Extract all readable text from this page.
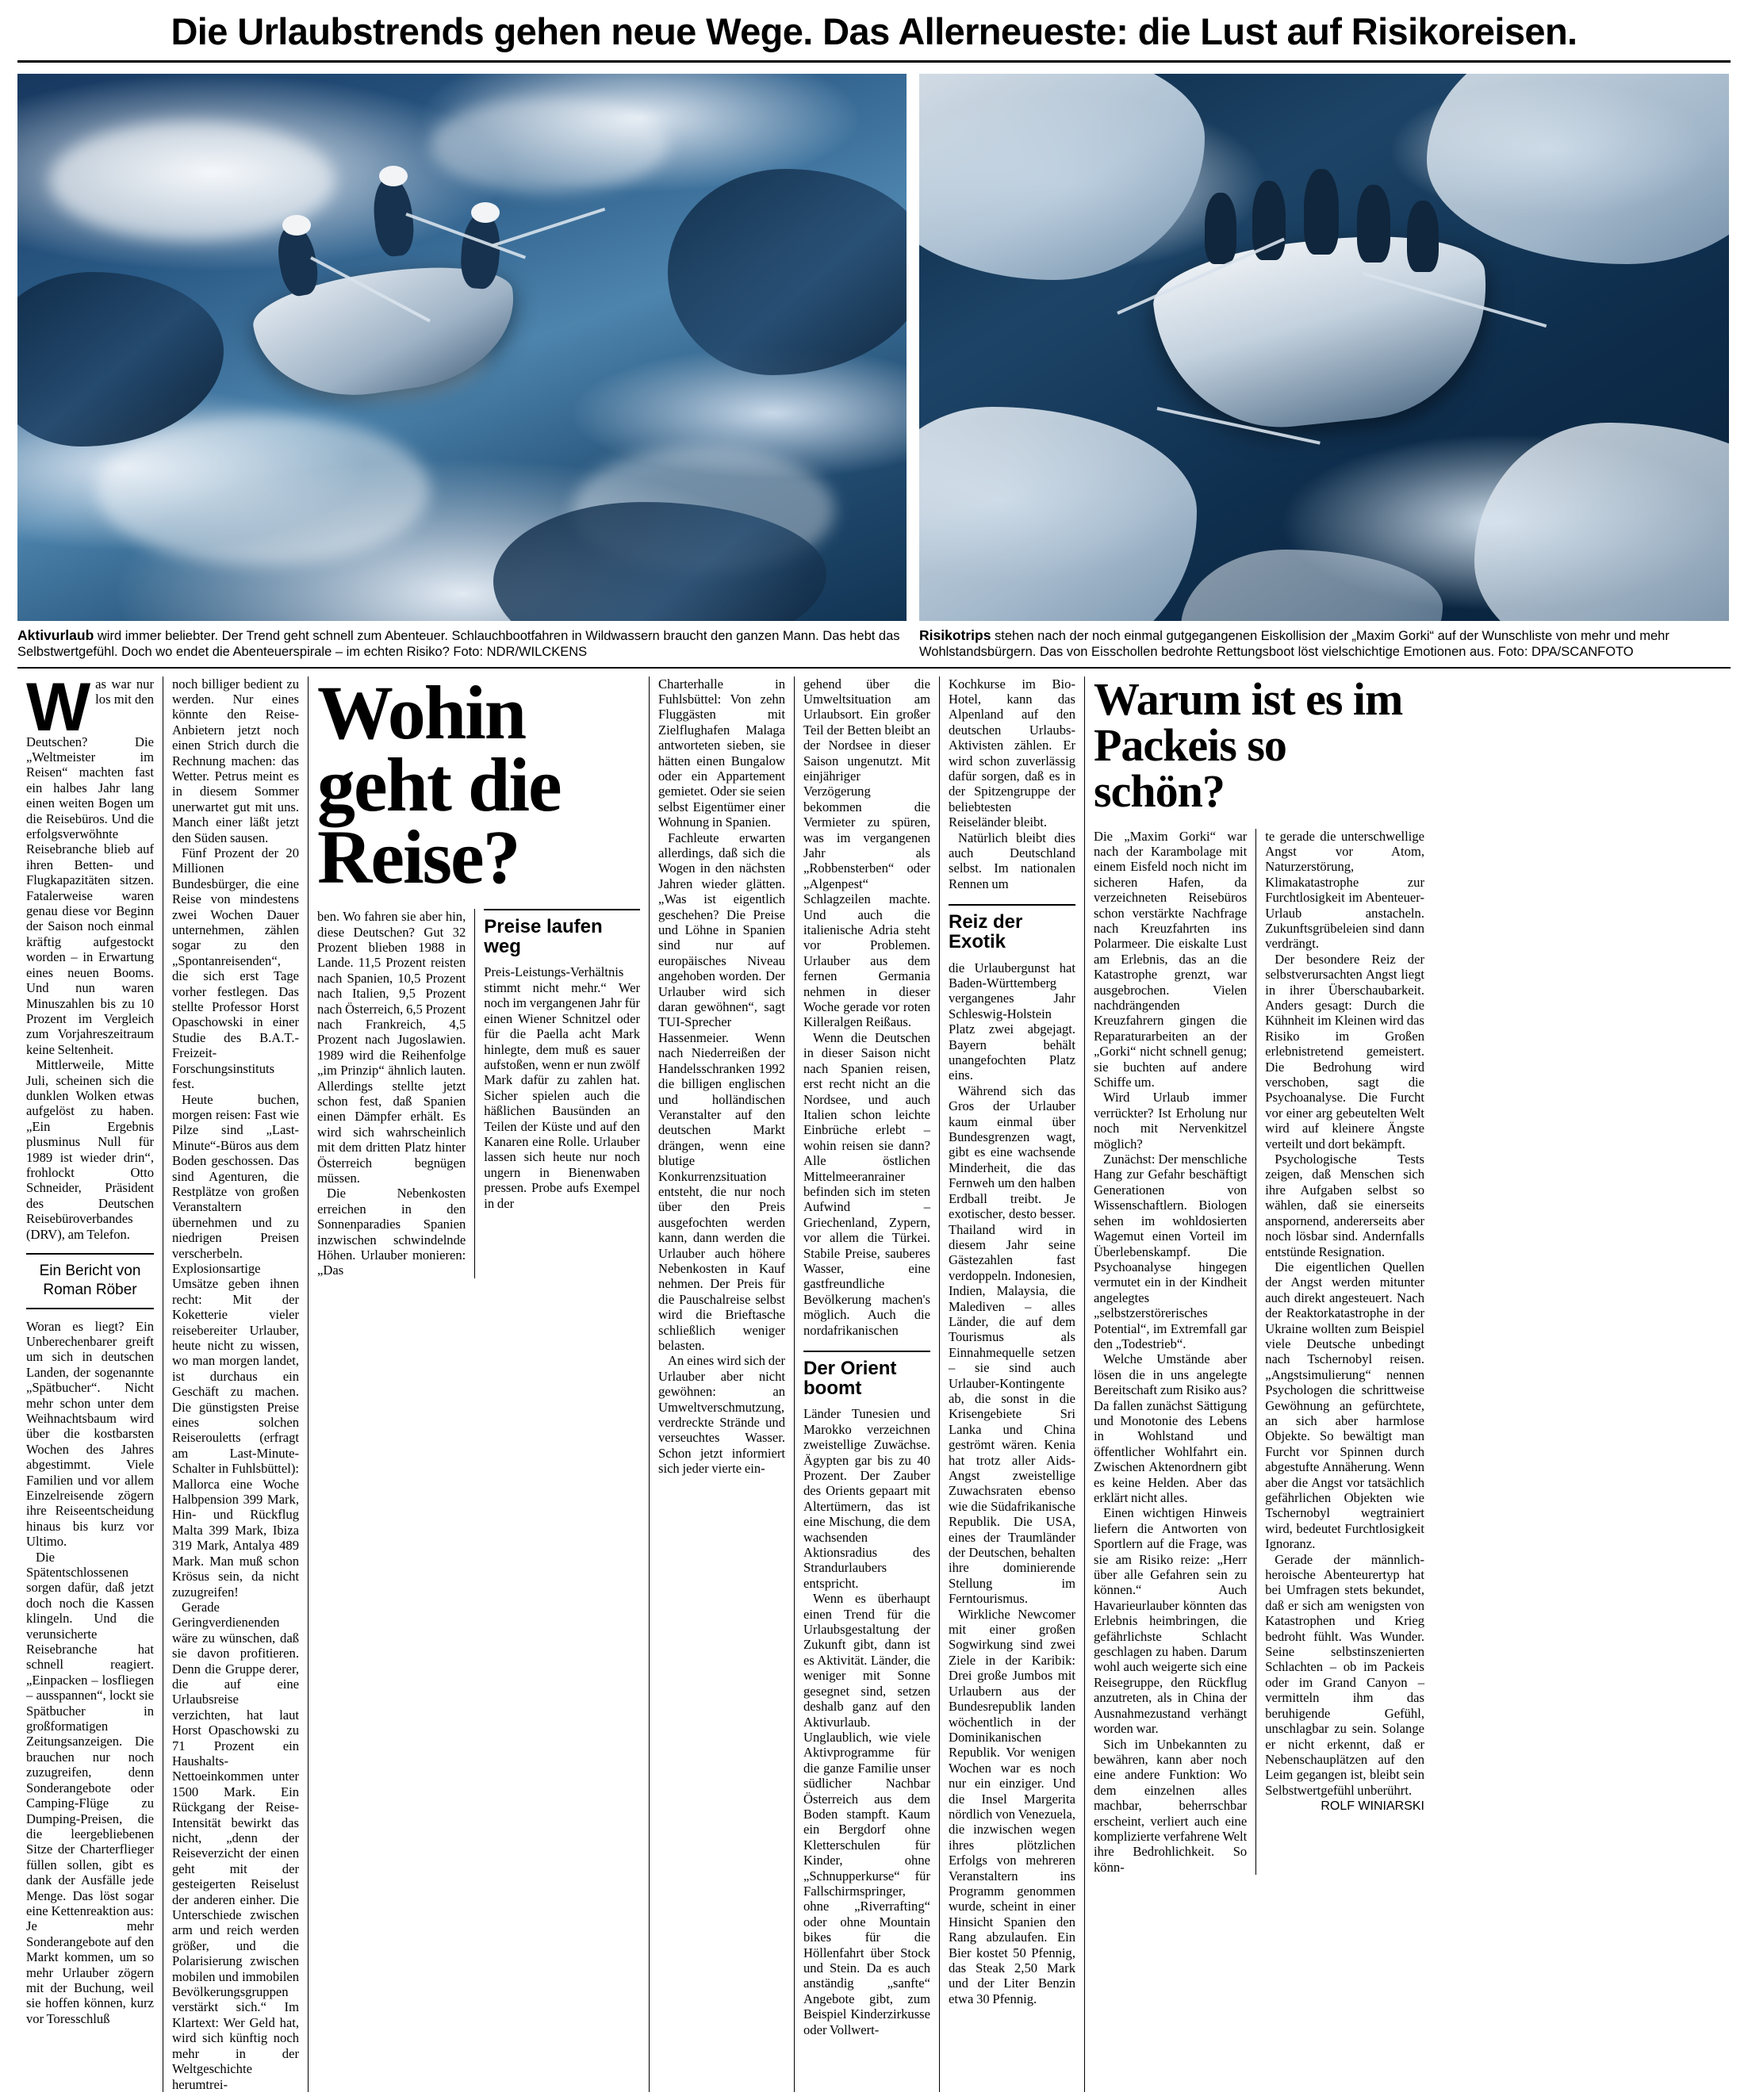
Die Urlaubstrends gehen neue Wege. Das Allerneueste: die Lust auf Risikoreisen.
Aktivurlaub wird immer beliebter. Der Trend geht schnell zum Abenteuer. Schlauchbootfahren in Wildwassern braucht den ganzen Mann. Das hebt das Selbstwertgefühl. Doch wo endet die Abenteuerspirale – im echten Risiko? Foto: NDR/WILCKENS
Risikotrips stehen nach der noch einmal gutgegangenen Eiskollision der „Maxim Gorki“ auf der Wunschliste von mehr und mehr Wohlstandsbürgern. Das von Eisschollen bedrohte Rettungsboot löst vielschichtige Emotionen aus. Foto: DPA/SCANFOTO

Was war nur los mit den Deutschen? Die „Weltmeister im Reisen“ machten fast ein halbes Jahr lang einen weiten Bogen um die Reisebüros. Und die erfolgsverwöhnte Reisebranche blieb auf ihren Betten- und Flugkapazitäten sitzen. Fatalerweise waren genau diese vor Beginn der Saison noch einmal kräftig aufgestockt worden – in Erwartung eines neuen Booms. Und nun waren Minuszahlen bis zu 10 Prozent im Vergleich zum Vorjahreszeitraum keine Seltenheit.

Mittlerweile, Mitte Juli, scheinen sich die dunklen Wolken etwas aufgelöst zu haben. „Ein Ergebnis plusminus Null für 1989 ist wieder drin“, frohlockt Otto Schneider, Präsident des Deutschen Reisebüroverbandes (DRV), am Telefon.

Ein Bericht von
Roman Röber

Woran es liegt? Ein Unberechenbarer greift um sich in deutschen Landen, der sogenannte „Spätbucher“. Nicht mehr schon unter dem Weihnachtsbaum wird über die kostbarsten Wochen des Jahres abgestimmt. Viele Familien und vor allem Einzelreisende zögern ihre Reiseentscheidung hinaus bis kurz vor Ultimo.

Die Spätentschlossenen sorgen dafür, daß jetzt doch noch die Kassen klingeln. Und die verunsicherte Reisebranche hat schnell reagiert. „Einpacken – losfliegen – ausspannen“, lockt sie Spätbucher in großformatigen Zeitungsanzeigen. Die brauchen nur noch zuzugreifen, denn Sonderangebote oder Camping-Flüge zu Dumping-Preisen, die die leergebliebenen Sitze der Charterflieger füllen sollen, gibt es dank der Ausfälle jede Menge. Das löst sogar eine Kettenreaktion aus: Je mehr Sonderangebote auf den Markt kommen, um so mehr Urlauber zögern mit der Buchung, weil sie hoffen können, kurz vor Toresschluß

noch billiger bedient zu werden. Nur eines könnte den Reise-Anbietern jetzt noch einen Strich durch die Rechnung machen: das Wetter. Petrus meint es in diesem Sommer unerwartet gut mit uns. Manch einer läßt jetzt den Süden sausen.

Fünf Prozent der 20 Millionen Bundesbürger, die eine Reise von mindestens zwei Wochen Dauer unternehmen, zählen sogar zu den „Spontanreisenden“, die sich erst Tage vorher festlegen. Das stellte Professor Horst Opaschowski in einer Studie des B.A.T.-Freizeit-Forschungsinstituts fest.

Heute buchen, morgen reisen: Fast wie Pilze sind „Last-Minute“-Büros aus dem Boden geschossen. Das sind Agenturen, die Restplätze von großen Veranstaltern übernehmen und zu niedrigen Preisen verscherbeln. Explosionsartige Umsätze geben ihnen recht: Mit der Koketterie vieler reisebereiter Urlauber, heute nicht zu wissen, wo man morgen landet, ist durchaus ein Geschäft zu machen. Die günstigsten Preise eines solchen Reiserouletts (erfragt am Last-Minute-Schalter in Fuhlsbüttel): Mallorca eine Woche Halbpension 399 Mark, Hin- und Rückflug Malta 399 Mark, Ibiza 319 Mark, Antalya 489 Mark. Man muß schon Krösus sein, da nicht zuzugreifen!

Gerade Geringverdienenden wäre zu wünschen, daß sie davon profitieren. Denn die Gruppe derer, die auf eine Urlaubsreise verzichten, hat laut Horst Opaschowski zu 71 Prozent ein Haushalts-Nettoeinkommen unter 1500 Mark. Ein Rückgang der Reise-Intensität bewirkt das nicht, „denn der Reiseverzicht der einen geht mit der gesteigerten Reiselust der anderen einher. Die Unterschiede zwischen arm und reich werden größer, und die Polarisierung zwischen mobilen und immobilen Bevölkerungsgruppen verstärkt sich.“ Im Klartext: Wer Geld hat, wird sich künftig noch mehr in der Weltgeschichte herumtrei-

Wohin geht die Reise?

ben. Wo fahren sie aber hin, diese Deutschen? Gut 32 Prozent blieben 1988 in Lande. 11,5 Prozent reisten nach Spanien, 10,5 Prozent nach Italien, 9,5 Prozent nach Österreich, 6,5 Prozent nach Frankreich, 4,5 Prozent nach Jugoslawien. 1989 wird die Reihenfolge „im Prinzip“ ähnlich lauten. Allerdings stellte jetzt schon fest, daß Spanien einen Dämpfer erhält. Es wird sich wahrscheinlich mit dem dritten Platz hinter Österreich begnügen müssen.

Die Nebenkosten erreichen in den Sonnenparadies Spanien inzwischen schwindelnde Höhen. Urlauber monieren: „Das

Preise laufen weg

Preis-Leistungs-Verhältnis stimmt nicht mehr.“ Wer noch im vergangenen Jahr für einen Wiener Schnitzel oder für die Paella acht Mark hinlegte, dem muß es sauer aufstoßen, wenn er nun zwölf Mark dafür zu zahlen hat. Sicher spielen auch die häßlichen Bausünden an Teilen der Küste und auf den Kanaren eine Rolle. Urlauber lassen sich heute nur noch ungern in Bienenwaben pressen. Probe aufs Exempel in der

Charterhalle in Fuhlsbüttel: Von zehn Fluggästen mit Zielflughafen Malaga antworteten sieben, sie hätten einen Bungalow oder ein Appartement gemietet. Oder sie seien selbst Eigentümer einer Wohnung in Spanien.

Fachleute erwarten allerdings, daß sich die Wogen in den nächsten Jahren wieder glätten. „Was ist eigentlich geschehen? Die Preise und Löhne in Spanien sind nur auf europäisches Niveau angehoben worden. Der Urlauber wird sich daran gewöhnen“, sagt TUI-Sprecher Hassenmeier. Wenn nach Niederreißen der Handelsschranken 1992 die billigen englischen und holländischen Veranstalter auf den deutschen Markt drängen, wenn eine blutige Konkurrenzsituation entsteht, die nur noch über den Preis ausgefochten werden kann, dann werden die Urlauber auch höhere Nebenkosten in Kauf nehmen. Der Preis für die Pauschalreise selbst wird die Brieftasche schließlich weniger belasten.

An eines wird sich der Urlauber aber nicht gewöhnen: an Umweltverschmutzung, verdreckte Strände und verseuchtes Wasser. Schon jetzt informiert sich jeder vierte ein-

gehend über die Umweltsituation am Urlaubsort. Ein großer Teil der Betten bleibt an der Nordsee in dieser Saison ungenutzt. Mit einjähriger Verzögerung bekommen die Vermieter zu spüren, was im vergangenen Jahr als „Robbensterben“ oder „Algenpest“ Schlagzeilen machte. Und auch die italienische Adria steht vor Problemen. Urlauber aus dem fernen Germania nehmen in dieser Woche gerade vor roten Killeralgen Reißaus.

Wenn die Deutschen in dieser Saison nicht nach Spanien reisen, erst recht nicht an die Nordsee, und auch Italien schon leichte Einbrüche erlebt – wohin reisen sie dann? Alle östlichen Mittelmeeranrainer befinden sich im steten Aufwind – Griechenland, Zypern, vor allem die Türkei. Stabile Preise, sauberes Wasser, eine gastfreundliche Bevölkerung machen's möglich. Auch die nordafrikanischen

Der Orient boomt

Länder Tunesien und Marokko verzeichnen zweistellige Zuwächse. Ägypten gar bis zu 40 Prozent. Der Zauber des Orients gepaart mit Altertümern, das ist eine Mischung, die dem wachsenden Aktionsradius des Strandurlaubers entspricht.

Wenn es überhaupt einen Trend für die Urlaubsgestaltung der Zukunft gibt, dann ist es Aktivität. Länder, die weniger mit Sonne gesegnet sind, setzen deshalb ganz auf den Aktivurlaub. Unglaublich, wie viele Aktivprogramme für die ganze Familie unser südlicher Nachbar Österreich aus dem Boden stampft. Kaum ein Bergdorf ohne Kletterschulen für Kinder, ohne „Schnupperkurse“ für Fallschirmspringer, ohne „Riverrafting“ oder ohne Mountain bikes für die Höllenfahrt über Stock und Stein. Da es auch anständig „sanfte“ Angebote gibt, zum Beispiel Kinderzirkusse oder Vollwert-

Kochkurse im Bio-Hotel, kann das Alpenland auf den deutschen Urlaubs-Aktivisten zählen. Er wird schon zuverlässig dafür sorgen, daß es in der Spitzengruppe der beliebtesten Reiseländer bleibt.

Natürlich bleibt dies auch Deutschland selbst. Im nationalen Rennen um

Reiz der Exotik

die Urlaubergunst hat Baden-Württemberg vergangenes Jahr Schleswig-Holstein Platz zwei abgejagt. Bayern behält unangefochten Platz eins.

Während sich das Gros der Urlauber kaum einmal über Bundesgrenzen wagt, gibt es eine wachsende Minderheit, die das Fernweh um den halben Erdball treibt. Je exotischer, desto besser. Thailand wird in diesem Jahr seine Gästezahlen fast verdoppeln. Indonesien, Indien, Malaysia, die Malediven – alles Länder, die auf dem Tourismus als Einnahmequelle setzen – sie sind auch Urlauber-Kontingente ab, die sonst in die Krisengebiete Sri Lanka und China geströmt wären. Kenia hat trotz aller Aids-Angst zweistellige Zuwachsraten ebenso wie die Südafrikanische Republik. Die USA, eines der Traumländer der Deutschen, behalten ihre dominierende Stellung im Ferntourismus.

Wirkliche Newcomer mit einer großen Sogwirkung sind zwei Ziele in der Karibik: Drei große Jumbos mit Urlaubern aus der Bundesrepublik landen wöchentlich in der Dominikanischen Republik. Vor wenigen Wochen war es noch nur ein einziger. Und die Insel Margerita nördlich von Venezuela, die inzwischen wegen ihres plötzlichen Erfolgs von mehreren Veranstaltern ins Programm genommen wurde, scheint in einer Hinsicht Spanien den Rang abzulaufen. Ein Bier kostet 50 Pfennig, das Steak 2,50 Mark und der Liter Benzin etwa 30 Pfennig.

Warum ist es im Packeis so schön?

Die „Maxim Gorki“ war nach der Karambolage mit einem Eisfeld noch nicht im sicheren Hafen, da verzeichneten Reisebüros schon verstärkte Nachfrage nach Kreuzfahrten ins Polarmeer. Die eiskalte Lust am Erlebnis, das an die Katastrophe grenzt, war ausgebrochen. Vielen nachdrängenden Kreuzfahrern gingen die Reparaturarbeiten an der „Gorki“ nicht schnell genug; sie buchten auf andere Schiffe um.

Wird Urlaub immer verrückter? Ist Erholung nur noch mit Nervenkitzel möglich?

Zunächst: Der menschliche Hang zur Gefahr beschäftigt Generationen von Wissenschaftlern. Biologen sehen im wohldosierten Wagemut einen Vorteil im Überlebenskampf. Die Psychoanalyse hingegen vermutet ein in der Kindheit angelegtes „selbstzerstörerisches Potential“, im Extremfall gar den „Todestrieb“.

Welche Umstände aber lösen die in uns angelegte Bereitschaft zum Risiko aus? Da fallen zunächst Sättigung und Monotonie des Lebens in Wohlstand und öffentlicher Wohlfahrt ein. Zwischen Aktenordnern gibt es keine Helden. Aber das erklärt nicht alles.

Einen wichtigen Hinweis liefern die Antworten von Sportlern auf die Frage, was sie am Risiko reize: „Herr über alle Gefahren sein zu können.“ Auch Havarieurlauber könnten das Erlebnis heimbringen, die gefährlichste Schlacht geschlagen zu haben. Darum wohl auch weigerte sich eine Reisegruppe, den Rückflug anzutreten, als in China der Ausnahmezustand verhängt worden war.

Sich im Unbekannten zu bewähren, kann aber noch eine andere Funktion: Wo dem einzelnen alles machbar, beherrschbar erscheint, verliert auch eine komplizierte verfahrene Welt ihre Bedrohlichkeit. So könn-

te gerade die unterschwellige Angst vor Atom, Naturzerstörung, Klimakatastrophe zur Furchtlosigkeit im Abenteuer-Urlaub anstacheln. Zukunftsgrübeleien sind dann verdrängt.

Der besondere Reiz der selbstverursachten Angst liegt in ihrer Überschaubarkeit. Anders gesagt: Durch die Kühnheit im Kleinen wird das Risiko im Großen erlebnistretend gemeistert. Die Bedrohung wird verschoben, sagt die Psychoanalyse. Die Furcht vor einer arg gebeutelten Welt wird auf kleinere Ängste verteilt und dort bekämpft.

Psychologische Tests zeigen, daß Menschen sich ihre Aufgaben selbst so wählen, daß sie einerseits anspornend, andererseits aber noch lösbar sind. Andernfalls entstünde Resignation.

Die eigentlichen Quellen der Angst werden mitunter auch direkt angesteuert. Nach der Reaktorkatastrophe in der Ukraine wollten zum Beispiel viele Deutsche unbedingt nach Tschernobyl reisen. „Angstsimulierung“ nennen Psychologen die schrittweise Gewöhnung an gefürchtete, an sich aber harmlose Objekte. So bewältigt man Furcht vor Spinnen durch abgestufte Annäherung. Wenn aber die Angst vor tatsächlich gefährlichen Objekten wie Tschernobyl wegtrainiert wird, bedeutet Furchtlosigkeit Ignoranz.

Gerade der männlich-heroische Abenteurertyp hat bei Umfragen stets bekundet, daß er sich am wenigsten von Katastrophen und Krieg bedroht fühlt. Was Wunder. Seine selbstinszenierten Schlachten – ob im Packeis oder im Grand Canyon – vermitteln ihm das beruhigende Gefühl, unschlagbar zu sein. Solange er nicht erkennt, daß er Nebenschauplätzen auf den Leim gegangen ist, bleibt sein Selbstwertgefühl unberührt.

ROLF WINIARSKI
